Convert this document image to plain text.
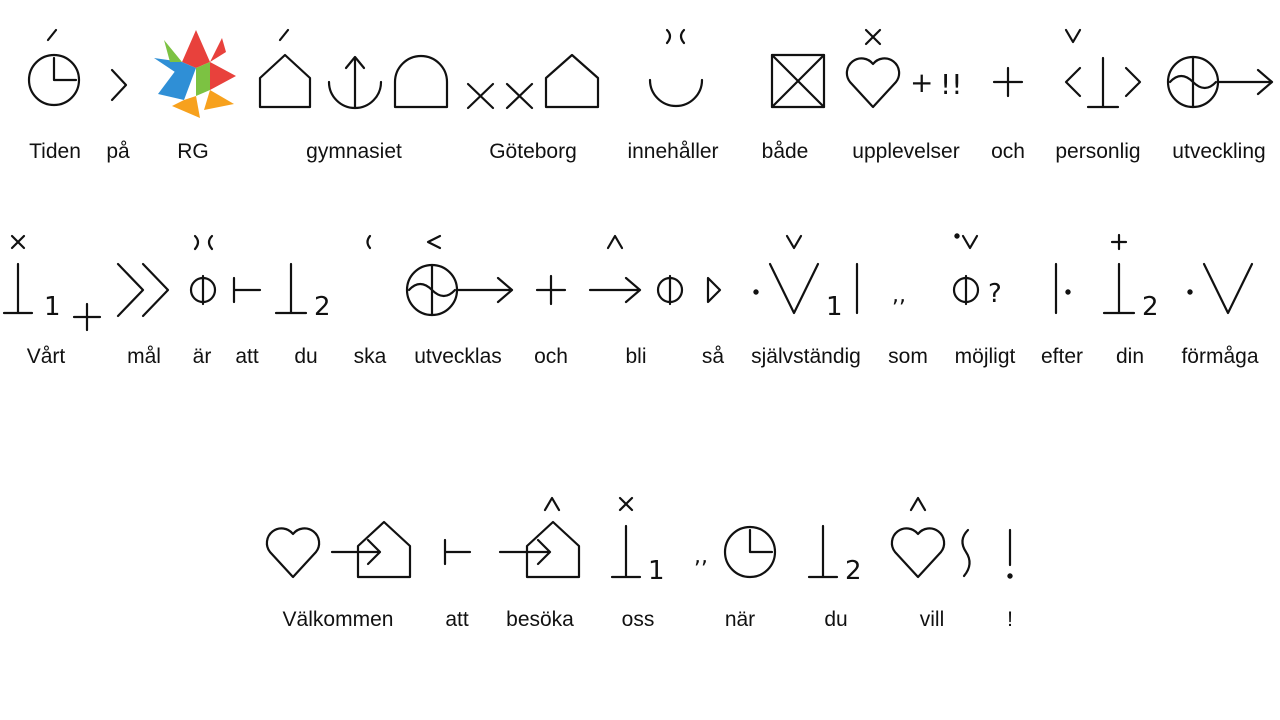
2
+ !!
1	2	1 ,,	?	2
1 ,,	2
Tiden på RG	gymnasiet	Göteborg innehåller både upplevelser och personlig utveckling
Vårt	mål är att du ska utvecklas och	bli	så självständig som möjligt efter din förmåga
Välkommen att besöka oss	när	du	vill	!
